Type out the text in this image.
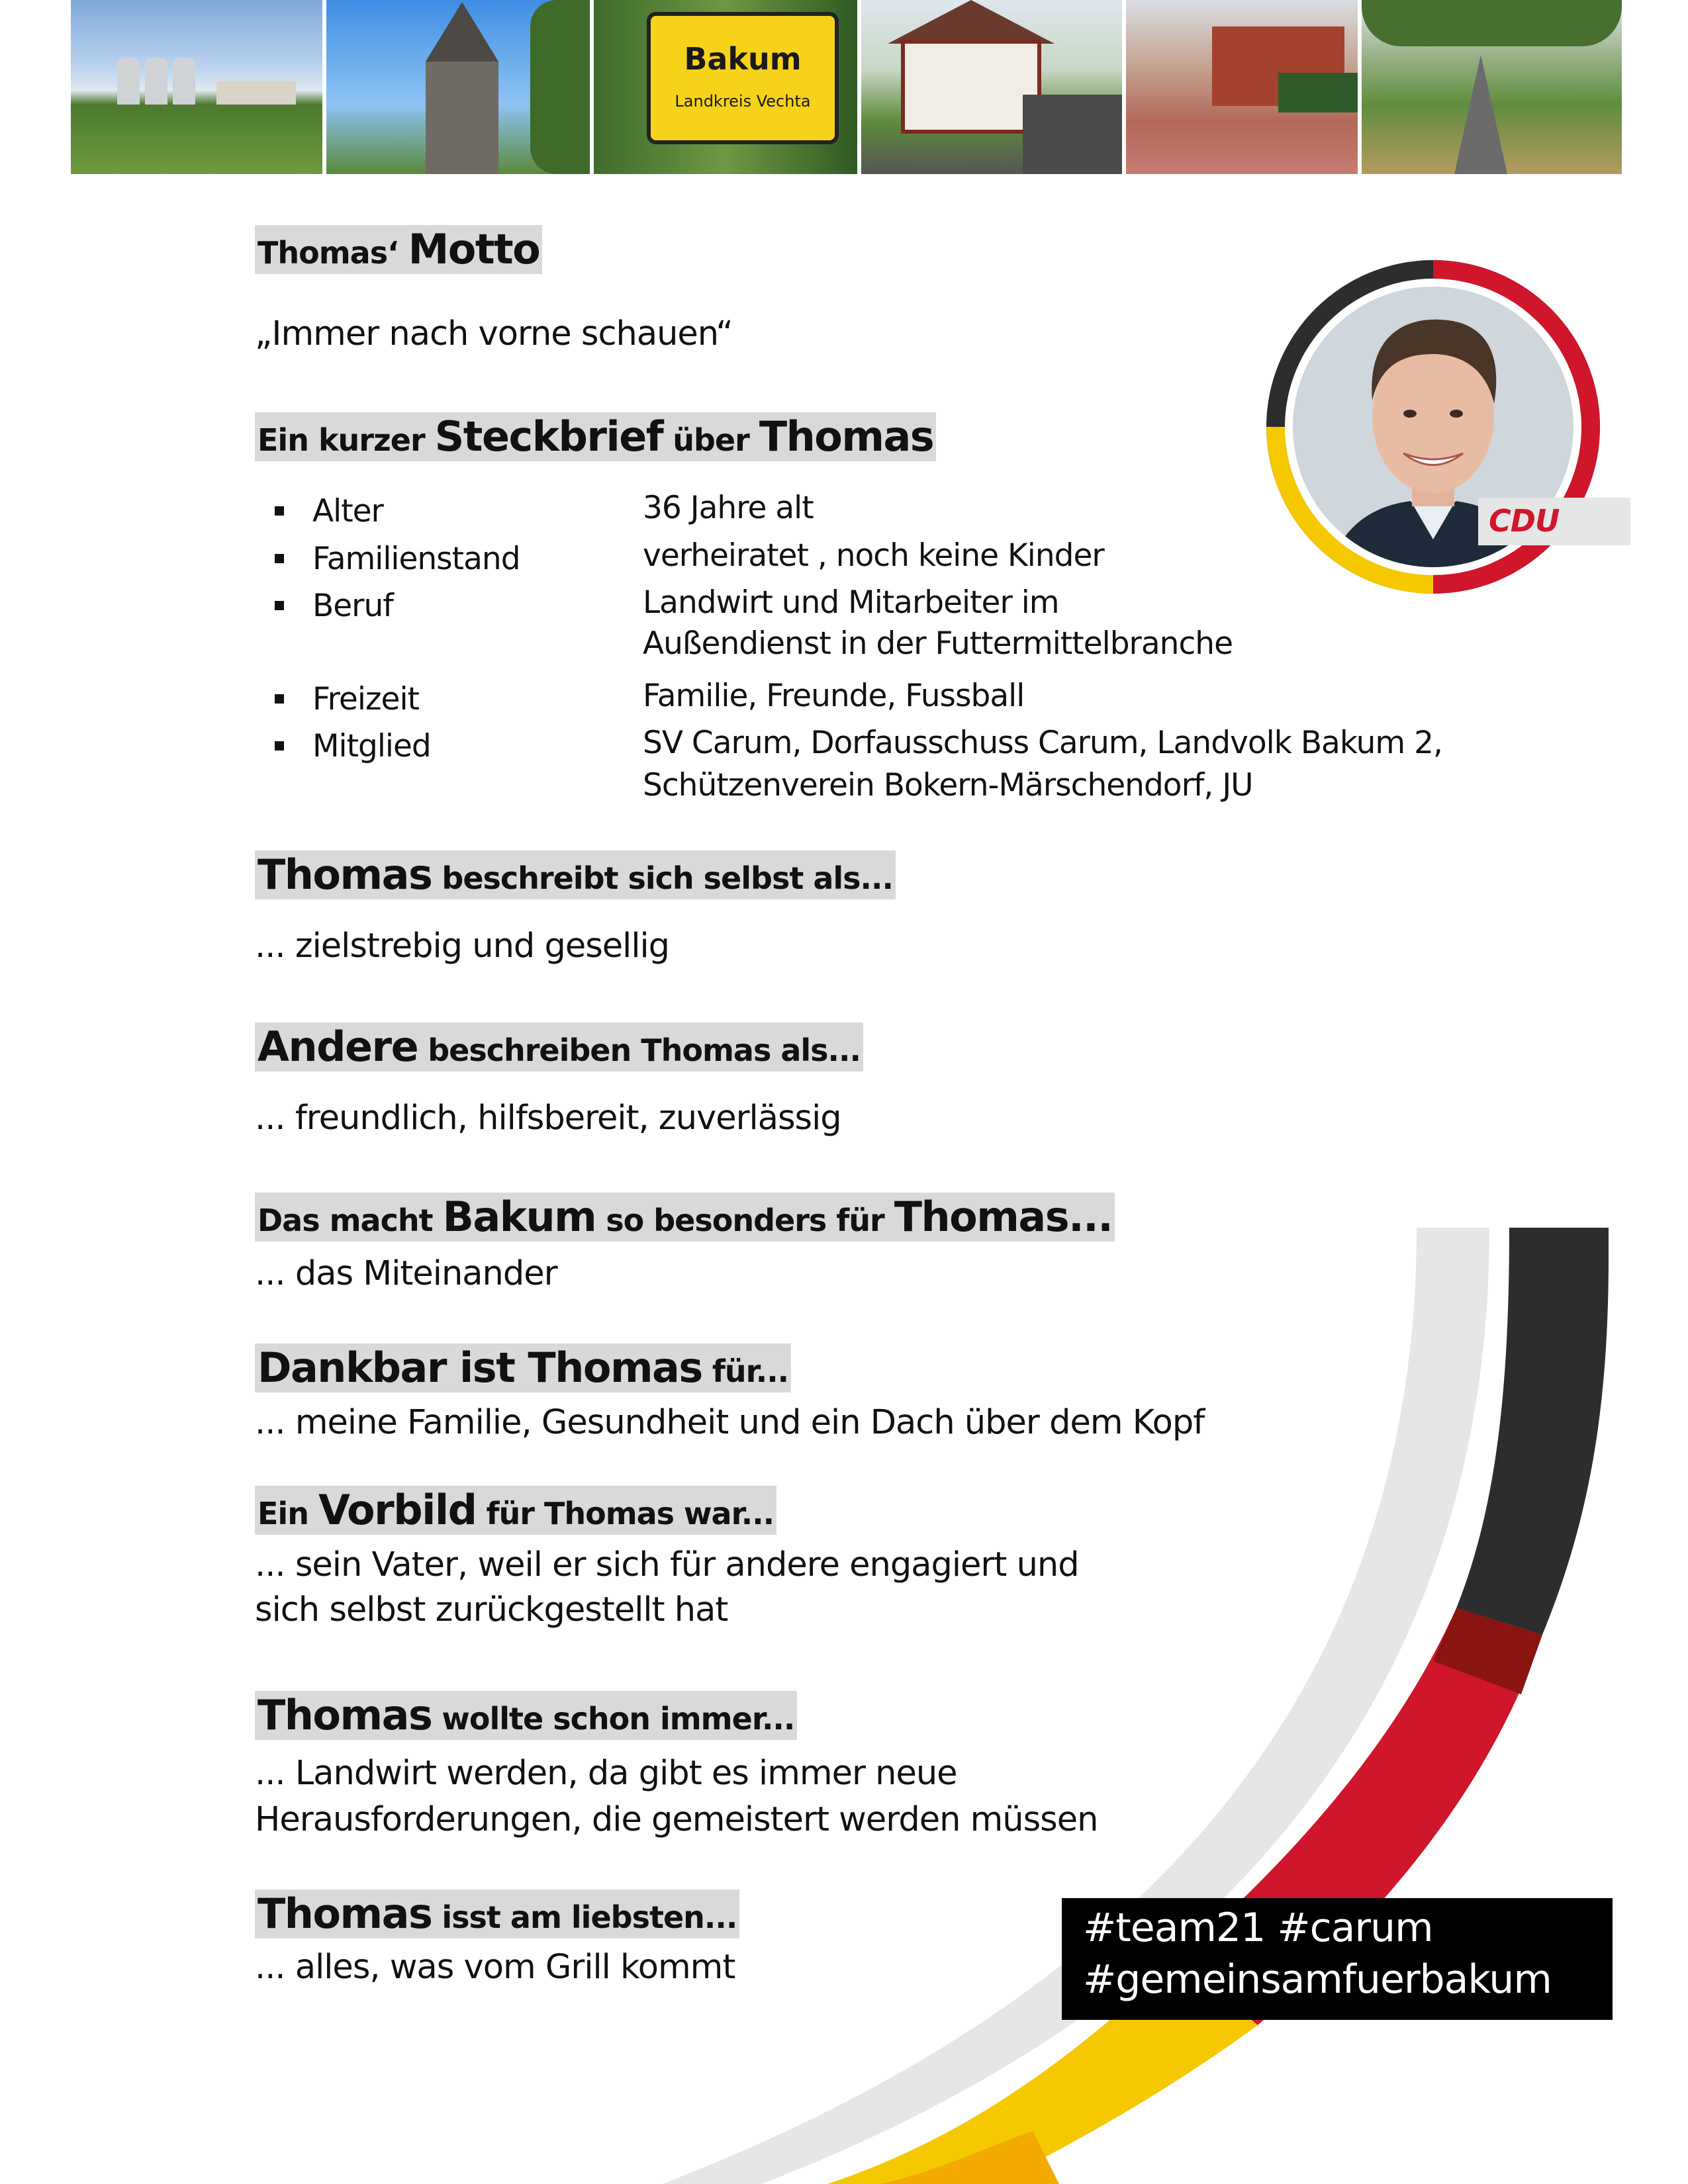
Bakum
Landkreis Vechta
CDU
Thomas‘ Motto
„Immer nach vorne schauen“
Ein kurzer Steckbrief über Thomas
Alter	36 Jahre alt
Familienstand	verheiratet , noch keine Kinder
Beruf	Landwirt und Mitarbeiter im
Außendienst in der Futtermittelbranche
Freizeit	Familie, Freunde, Fussball
Mitglied	SV Carum, Dorfausschuss Carum, Landvolk Bakum 2,
Schützenverein Bokern-Märschendorf, JU
Thomas beschreibt sich selbst als...
... zielstrebig und gesellig
Andere beschreiben Thomas als...
... freundlich, hilfsbereit, zuverlässig
Das macht Bakum so besonders für Thomas...
... das Miteinander
Dankbar ist Thomas für...
... meine Familie, Gesundheit und ein Dach über dem Kopf
Ein Vorbild für Thomas war...
... sein Vater, weil er sich für andere engagiert und
sich selbst zurückgestellt hat
Thomas wollte schon immer...
... Landwirt werden, da gibt es immer neue
Herausforderungen, die gemeistert werden müssen
Thomas isst am liebsten...
... alles, was vom Grill kommt
#team21 #carum
#gemeinsamfuerbakum
